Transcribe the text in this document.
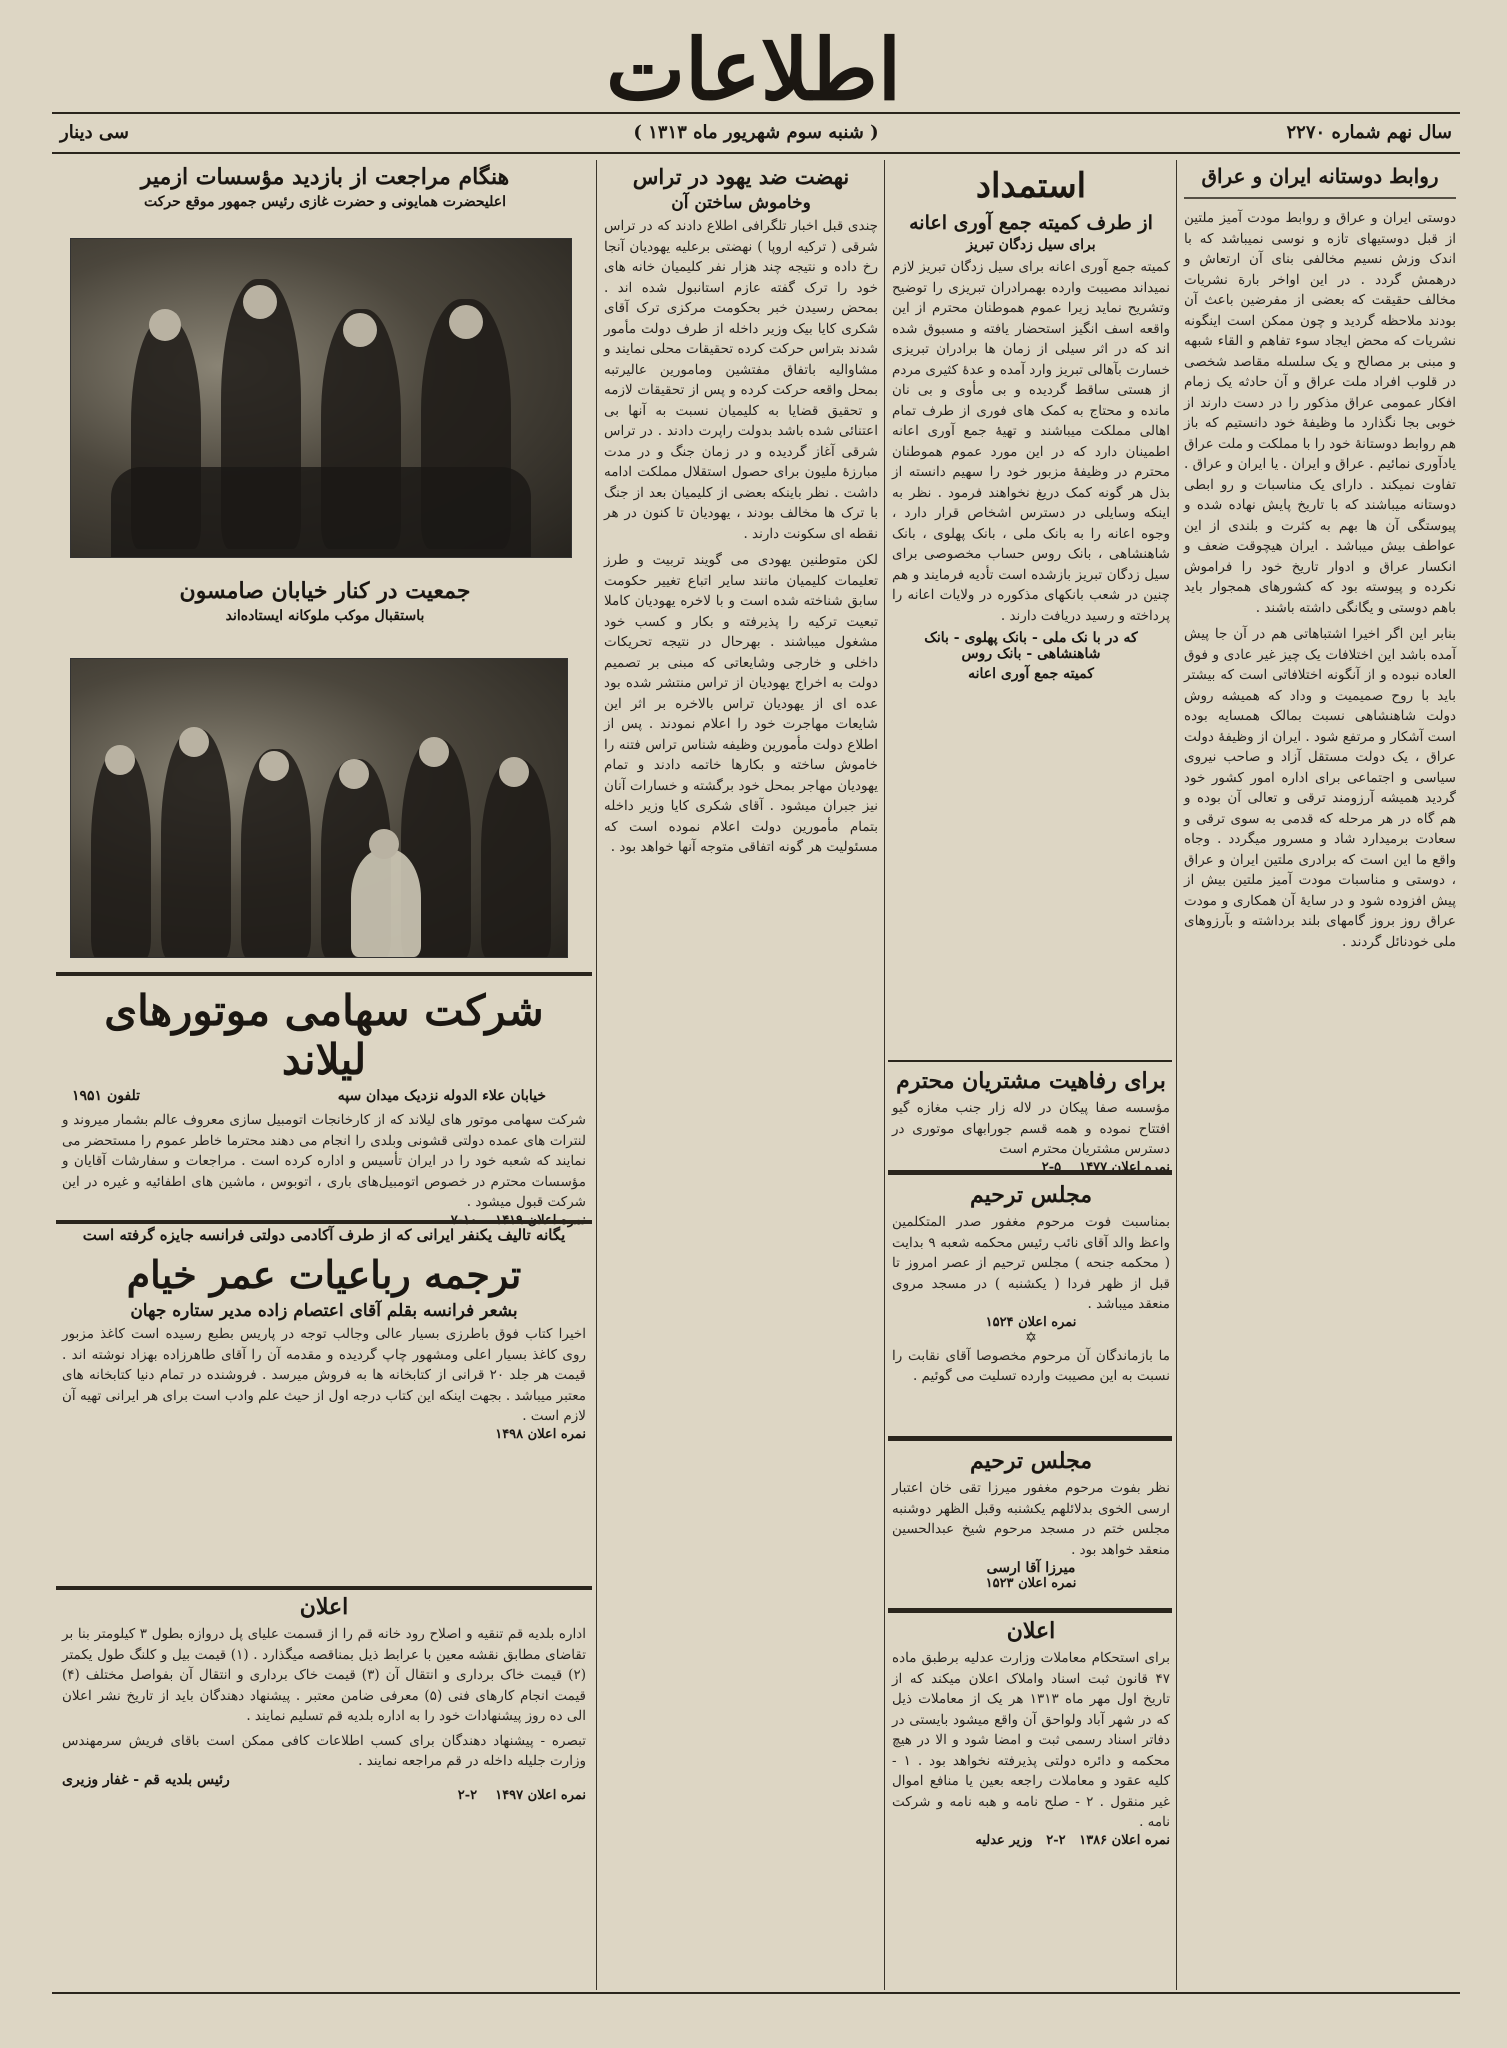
اطلاعات
سال نهم شماره ۲۲۷۰
( شنبه سوم شهریور ماه ۱۳۱۳ )
سی دینار
روابط دوستانه ایران و عراق

دوستی ایران و عراق و روابط مودت آمیز ملتین از قبل دوستیهای تازه و نوسی نمیباشد که با اندک وزش نسیم مخالفی بنای آن ارتعاش و درهمش گردد . در این اواخر بارة نشریات مخالف حقیقت که بعضی از مفرضین باعث آن بودند ملاحظه گردید و چون ممکن است اینگونه نشریات که محض ایجاد سوء تفاهم و القاء شبهه و مبنی بر مصالح و یک سلسله مقاصد شخصی در قلوب افراد ملت عراق و آن حادثه یک زمام افکار عمومی عراق مذکور را در دست دارند از خوبی بجا نگذارد ما وظیفهٔ خود دانستیم که باز هم روابط دوستانهٔ خود را با مملکت و ملت عراق یادآوری نمائیم . عراق و ایران . یا ایران و عراق . تفاوت نمیکند . دارای یک مناسبات و رو ابطی دوستانه میباشند که با تاریخ پایش نهاده شده و پیوستگی آن ها بهم به کثرت و بلندی از این عواطف بیش میباشد . ایران هیچوقت ضعف و انکسار عراق و ادوار تاریخ خود را فراموش نکرده و پیوسته بود که کشورهای همجوار باید باهم دوستی و یگانگی داشته باشند .

بنابر این اگر اخیرا اشتباهاتی هم در آن جا پیش آمده باشد این اختلافات یک چیز غیر عادی و فوق العاده نبوده و از آنگونه اختلافاتی است که بیشتر باید با روح صمیمیت و وداد که همیشه روش دولت شاهنشاهی نسبت بمالک همسایه بوده است آشکار و مرتفع شود . ایران از وظیفهٔ دولت عراق ، یک دولت مستقل آزاد و صاحب نیروی سیاسی و اجتماعی برای اداره امور کشور خود گردید همیشه آرزومند ترقی و تعالی آن بوده و هم گاه در هر مرحله که قدمی به سوی ترقی و سعادت برمیدارد شاد و مسرور میگردد . وجاه واقع ما این است که برادری ملتین ایران و عراق ، دوستی و مناسبات مودت آمیز ملتین بیش از پیش افزوده شود و در سایهٔ آن همکاری و مودت عراق روز بروز گامهای بلند برداشته و بآرزوهای ملی خودنائل گردند .

استمداد
از طرف کمیته جمع آوری اعانه
برای سیل زدگان تبریز

کمیته جمع آوری اعانه برای سیل زدگان تبریز لازم نمیداند مصیبت وارده بهمرادران تبریزی را توضیح وتشریح نماید زیرا عموم هموطنان محترم از این واقعه اسف انگیز استحضار یافته و مسبوق شده اند که در اثر سیلی از زمان ها برادران تبریزی خسارت بآهالی تبریز وارد آمده و عدهٔ کثیری مردم از هستی ساقط گردیده و بی مأوی و بی نان مانده و محتاج به کمک های فوری از طرف تمام اهالی مملکت میباشند و تهیهٔ جمع آوری اعانه اطمینان دارد که در این مورد عموم هموطنان محترم در وظیفهٔ مزبور خود را سهیم دانسته از بذل هر گونه کمک دریغ نخواهند فرمود . نظر به اینکه وسایلی در دسترس اشخاص قرار دارد ، وجوه اعانه را به بانک ملی ، بانک پهلوی ، بانک شاهنشاهی ، بانک روس حساب مخصوصی برای سیل زدگان تبریز بازشده است تأدیه فرمایند و هم چنین در شعب بانکهای مذکوره در ولایات اعانه را پرداخته و رسید دریافت دارند .

که در با نک ملی - بانک پهلوی - بانک شاهنشاهی - بانک روس
کمیته جمع آوری اعانه
برای رفاهیت مشتریان محترم

مؤسسه صفا پیکان در لاله زار جنب مغازه گیو افتتاح نموده و همه قسم جورابهای موتوری در دسترس مشتریان محترم است

نمره اعلان ۱۴۷۷    ۵-۲
مجلس ترحیم

بمناسبت فوت مرحوم مغفور صدر المتکلمین واعظ والد آقای نائب رئیس محکمه شعبه ۹ بدایت ( محکمه جنحه ) مجلس ترحیم از عصر امروز تا قبل از ظهر فردا ( یکشنبه ) در مسجد مروی منعقد میباشد .

نمره اعلان ۱۵۲۴
✡

ما بازماندگان آن مرحوم مخصوصا آقای نقابت را نسبت به این مصیبت وارده تسلیت می گوئیم .

مجلس ترحیم

نظر بفوت مرحوم مغفور میرزا تقی خان اعتبار ارسی الخوی بدلائلهم یکشنبه وقبل الظهر دوشنبه مجلس ختم در مسجد مرحوم شیخ عبدالحسین منعقد خواهد بود .

میرزا آقا ارسی
نمره اعلان ۱۵۲۳
اعلان

برای استحکام معاملات وزارت عدلیه برطبق ماده ۴۷ قانون ثبت اسناد واملاک اعلان میکند که از تاریخ اول مهر ماه ۱۳۱۳ هر یک از معاملات ذیل که در شهر آباد ولواحق آن واقع میشود بایستی در دفاتر اسناد رسمی ثبت و امضا شود و الا در هیچ محکمه و دائره دولتی پذیرفته نخواهد بود . ۱ - کلیه عقود و معاملات راجعه بعین یا منافع اموال غیر منقول . ۲ - صلح نامه و هبه نامه و شرکت نامه .

نمره اعلان ۱۳۸۶   ۲-۲   وزیر عدلیه
نهضت ضد یهود در تراس
وخاموش ساختن آن

چندی قبل اخبار تلگرافی اطلاع دادند که در تراس شرقی ( ترکیه اروپا ) نهضتی برعلیه یهودیان آنجا رخ داده و نتیجه چند هزار نفر کلیمیان خانه های خود را ترک گفته عازم استانبول شده اند . بمحض رسیدن خبر بحکومت مرکزی ترک آقای شکری کایا بیک وزیر داخله از طرف دولت مأمور شدند بتراس حرکت کرده تحقیقات محلی نمایند و مشاوالیه باتفاق مفتشین ومامورین عالیرتبه بمحل واقعه حرکت کرده و پس از تحقیقات لازمه و تحقیق قضایا به کلیمیان نسبت به آنها بی اعتنائی شده باشد بدولت راپرت دادند . در تراس شرقی آغاز گردیده و در زمان جنگ و در مدت مبارزهٔ ملیون برای حصول استقلال مملکت ادامه داشت . نظر باینکه بعضی از کلیمیان بعد از جنگ با ترک ها مخالف بودند ، یهودیان تا کنون در هر نقطه ای سکونت دارند .

لکن متوطنین یهودی می گویند تربیت و طرز تعلیمات کلیمیان مانند سایر اتباع تغییر حکومت سابق شناخته شده است و با لاخره یهودیان کاملا تبعیت ترکیه را پذیرفته و بکار و کسب خود مشغول میباشند . بهرحال در نتیجه تحریکات داخلی و خارجی وشایعاتی که مبنی بر تصمیم دولت به اخراج یهودیان از تراس منتشر شده بود عده ای از یهودیان تراس بالاخره بر اثر این شایعات مهاجرت خود را اعلام نمودند . پس از اطلاع دولت مأمورین وظیفه شناس تراس فتنه را خاموش ساخته و بکارها خاتمه دادند و تمام یهودیان مهاجر بمحل خود برگشته و خسارات آنان نیز جبران میشود . آقای شکری کایا وزیر داخله بتمام مأمورین دولت اعلام نموده است که مسئولیت هر گونه اتفاقی متوجه آنها خواهد بود .

هنگام مراجعت از بازدید مؤسسات ازمیر
اعلیحضرت همایونی و حضرت غازی رئیس جمهور موقع حرکت
جمعیت در کنار خیابان صامسون
باستقبال موکب ملوکانه ایستاده‌اند
شرکت سهامی موتورهای لیلاند
خیابان علاء الدوله نزدیک میدان سپه
تلفون ۱۹۵۱

شرکت سهامی موتور های لیلاند که از کارخانجات اتومبیل سازی معروف عالم بشمار میروند و لنترات های عمده دولتی قشونی وبلدی را انجام می دهند محترما خاطر عموم را مستحضر می نمایند که شعبه خود را در ایران تأسیس و اداره کرده است . مراجعات و سفارشات آقایان و مؤسسات محترم در خصوص اتومبیل‌های باری ، اتوبوس ، ماشین های اطفائیه و غیره در این شرکت قبول میشود .

نمره اعلان ۱۴۱۹    ۱۰-۷
یگانه تالیف یکنفر ایرانی که از طرف آکادمی دولتی فرانسه جایزه گرفته است
ترجمه رباعیات عمر خیام
بشعر فرانسه بقلم آقای اعتصام زاده مدیر ستاره جهان

اخیرا کتاب فوق باطرزی بسیار عالی وجالب توجه در پاریس بطبع رسیده است کاغذ مزبور روی کاغذ بسیار اعلی ومشهور چاپ گردیده و مقدمه آن را آقای طاهرزاده بهزاد نوشته اند . قیمت هر جلد ۲۰ قرانی از کتابخانه ها به فروش میرسد . فروشنده در تمام دنیا کتابخانه های معتبر میباشد . بجهت اینکه این کتاب درجه اول از حیث علم وادب است برای هر ایرانی تهیه آن لازم است .

نمره اعلان ۱۴۹۸
اعلان

اداره بلدیه قم تنقیه و اصلاح رود خانه قم را از قسمت علیای پل دروازه بطول ۳ کیلومتر بنا بر تقاضای مطابق نقشه معین با عرابط ذیل بمناقصه میگذارد . (۱) قیمت بیل و کلنگ طول یکمتر (۲) قیمت خاک برداری و انتقال آن (۳) قیمت خاک برداری و انتقال آن بفواصل مختلف (۴) قیمت انجام کارهای فنی (۵) معرفی ضامن معتبر . پیشنهاد دهندگان باید از تاریخ نشر اعلان الی ده روز پیشنهادات خود را به اداره بلدیه قم تسلیم نمایند .

تبصره - پیشنهاد دهندگان برای کسب اطلاعات کافی ممکن است باقای فریش سرمهندس وزارت جلیله داخله در قم مراجعه نمایند .

رئیس بلدیه قم - غفار وزیری
نمره اعلان ۱۴۹۷    ۲-۲
